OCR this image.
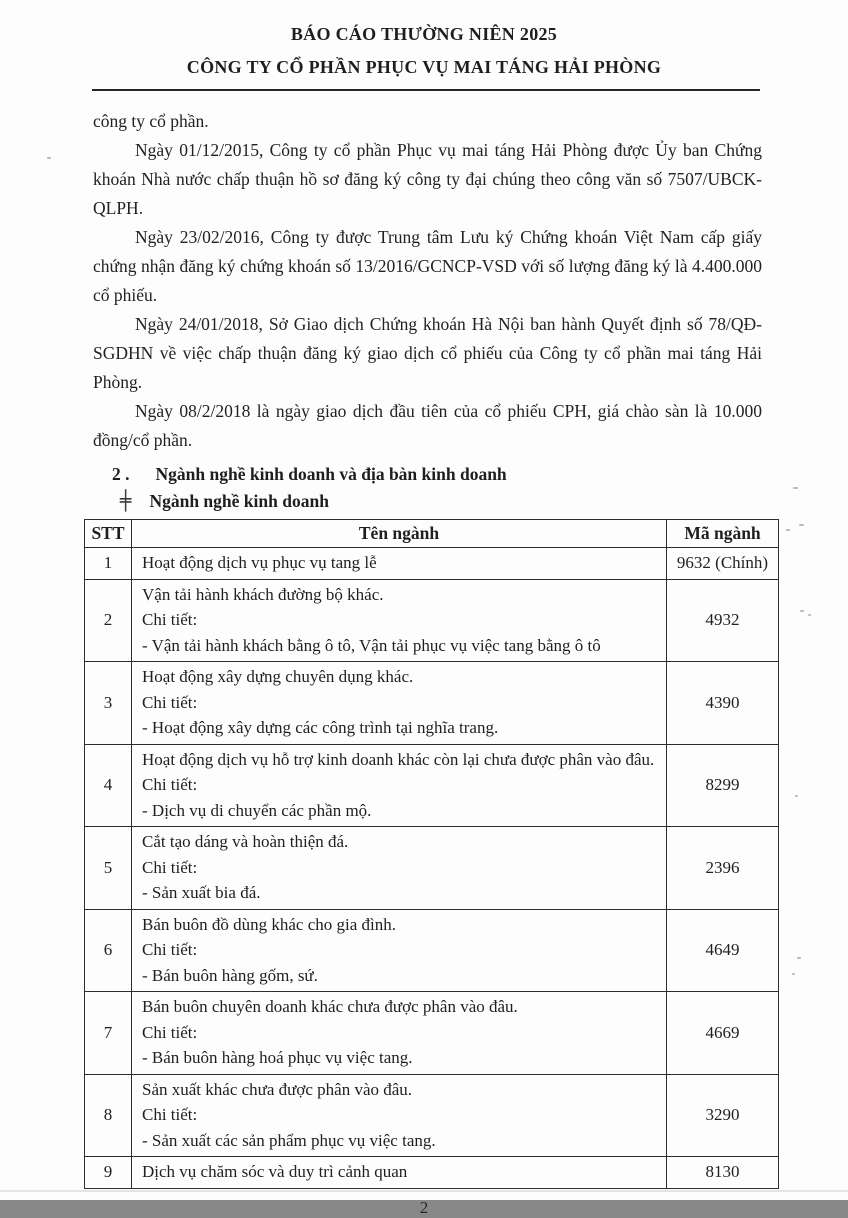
BÁO CÁO THƯỜNG NIÊN 2025
CÔNG TY CỔ PHẦN PHỤC VỤ MAI TÁNG HẢI PHÒNG

công ty cổ phần.

Ngày 01/12/2015, Công ty cổ phần Phục vụ mai táng Hải Phòng được Ủy ban Chứng khoán Nhà nước chấp thuận hồ sơ đăng ký công ty đại chúng theo công văn số 7507/UBCK-QLPH.

Ngày 23/02/2016, Công ty được Trung tâm Lưu ký Chứng khoán Việt Nam cấp giấy chứng nhận đăng ký chứng khoán số 13/2016/GCNCP-VSD với số lượng đăng ký là 4.400.000 cổ phiếu.

Ngày 24/01/2018, Sở Giao dịch Chứng khoán Hà Nội ban hành Quyết định số 78/QĐ-SGDHN về việc chấp thuận đăng ký giao dịch cổ phiếu của Công ty cổ phần mai táng Hải Phòng.

Ngày 08/2/2018 là ngày giao dịch đầu tiên của cổ phiếu CPH, giá chào sàn là 10.000 đồng/cổ phần.

2 . Ngành nghề kinh doanh và địa bàn kinh doanh
╪ Ngành nghề kinh doanh
STT	Tên ngành	Mã ngành
1	Hoạt động dịch vụ phục vụ tang lễ	9632 (Chính)
2	Vận tải hành khách đường bộ khác.
Chi tiết:
- Vận tải hành khách bằng ô tô, Vận tải phục vụ việc tang bằng ô tô	4932
3	Hoạt động xây dựng chuyên dụng khác.
Chi tiết:
- Hoạt động xây dựng các công trình tại nghĩa trang.	4390
4	Hoạt động dịch vụ hỗ trợ kinh doanh khác còn lại chưa được phân vào đâu.
Chi tiết:
- Dịch vụ di chuyển các phần mộ.	8299
5	Cắt tạo dáng và hoàn thiện đá.
Chi tiết:
- Sản xuất bia đá.	2396
6	Bán buôn đồ dùng khác cho gia đình.
Chi tiết:
- Bán buôn hàng gốm, sứ.	4649
7	Bán buôn chuyên doanh khác chưa được phân vào đâu.
Chi tiết:
- Bán buôn hàng hoá phục vụ việc tang.	4669
8	Sản xuất khác chưa được phân vào đâu.
Chi tiết:
- Sản xuất các sản phẩm phục vụ việc tang.	3290
9	Dịch vụ chăm sóc và duy trì cảnh quan	8130
2
